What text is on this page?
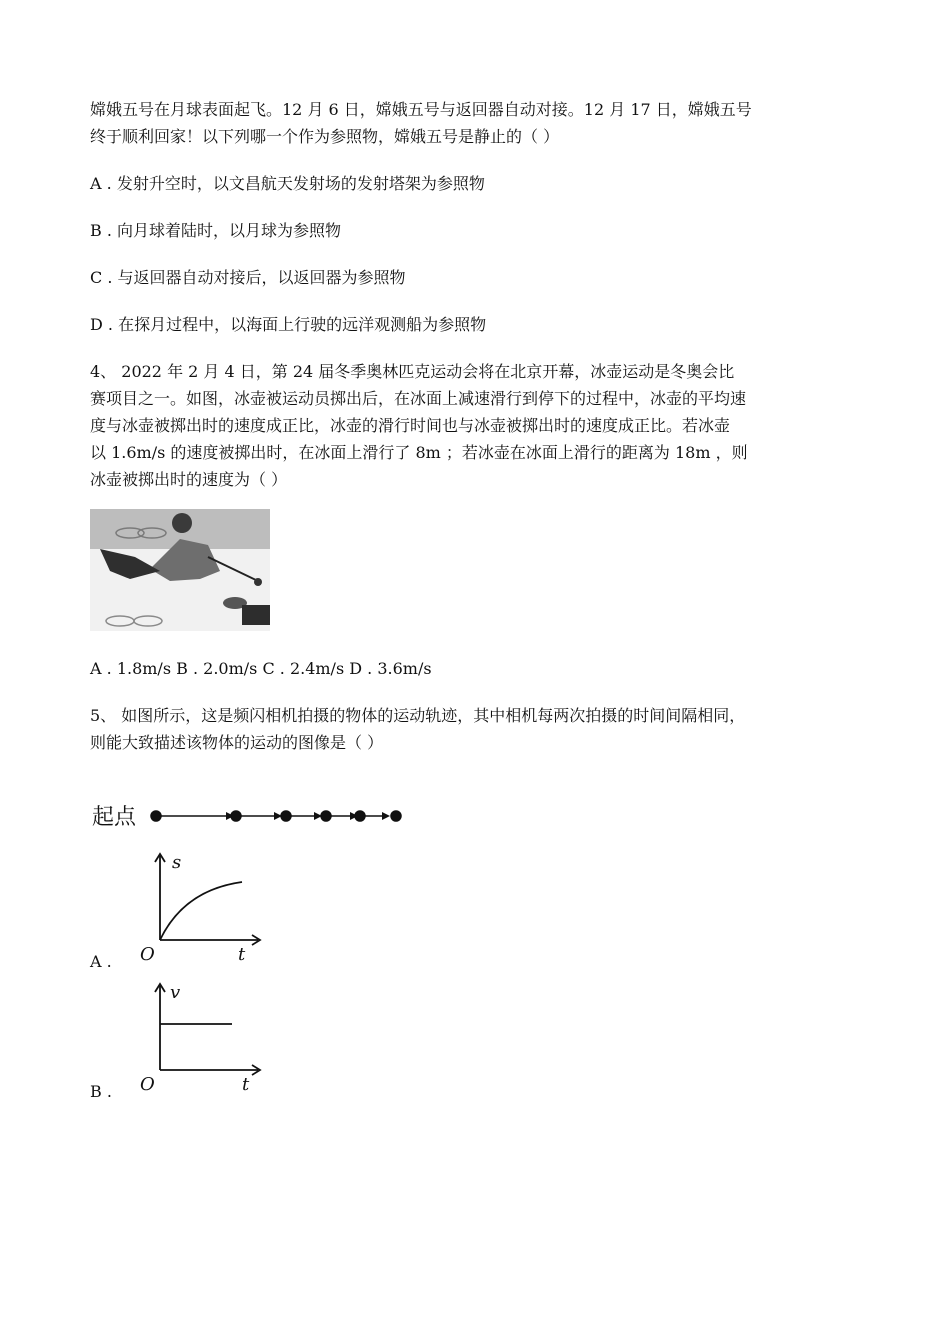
嫦娥五号在月球表面起飞。12 月 6 日，嫦娥五号与返回器自动对接。12 月 17 日，嫦娥五号

终于顺利回家！以下列哪一个作为参照物，嫦娥五号是静止的（ ）

A . 发射升空时，以文昌航天发射场的发射塔架为参照物

B . 向月球着陆时，以月球为参照物

C . 与返回器自动对接后，以返回器为参照物

D . 在探月过程中，以海面上行驶的远洋观测船为参照物

4、 2022 年 2 月 4 日，第 24 届冬季奥林匹克运动会将在北京开幕，冰壶运动是冬奥会比

赛项目之一。如图，冰壶被运动员掷出后，在冰面上减速滑行到停下的过程中，冰壶的平均速

度与冰壶被掷出时的速度成正比，冰壶的滑行时间也与冰壶被掷出时的速度成正比。若冰壶

以 1.6m/s 的速度被掷出时，在冰面上滑行了 8m ；若冰壶在冰面上滑行的距离为 18m ，则

冰壶被掷出时的速度为（ ）

A . 1.8m/s B . 2.0m/s C . 2.4m/s D . 3.6m/s

5、 如图所示，这是频闪相机拍摄的物体的运动轨迹，其中相机每两次拍摄的时间间隔相同，

则能大致描述该物体的运动的图像是（ ）

起点
A .
s
t
O
B .
v
t
O
